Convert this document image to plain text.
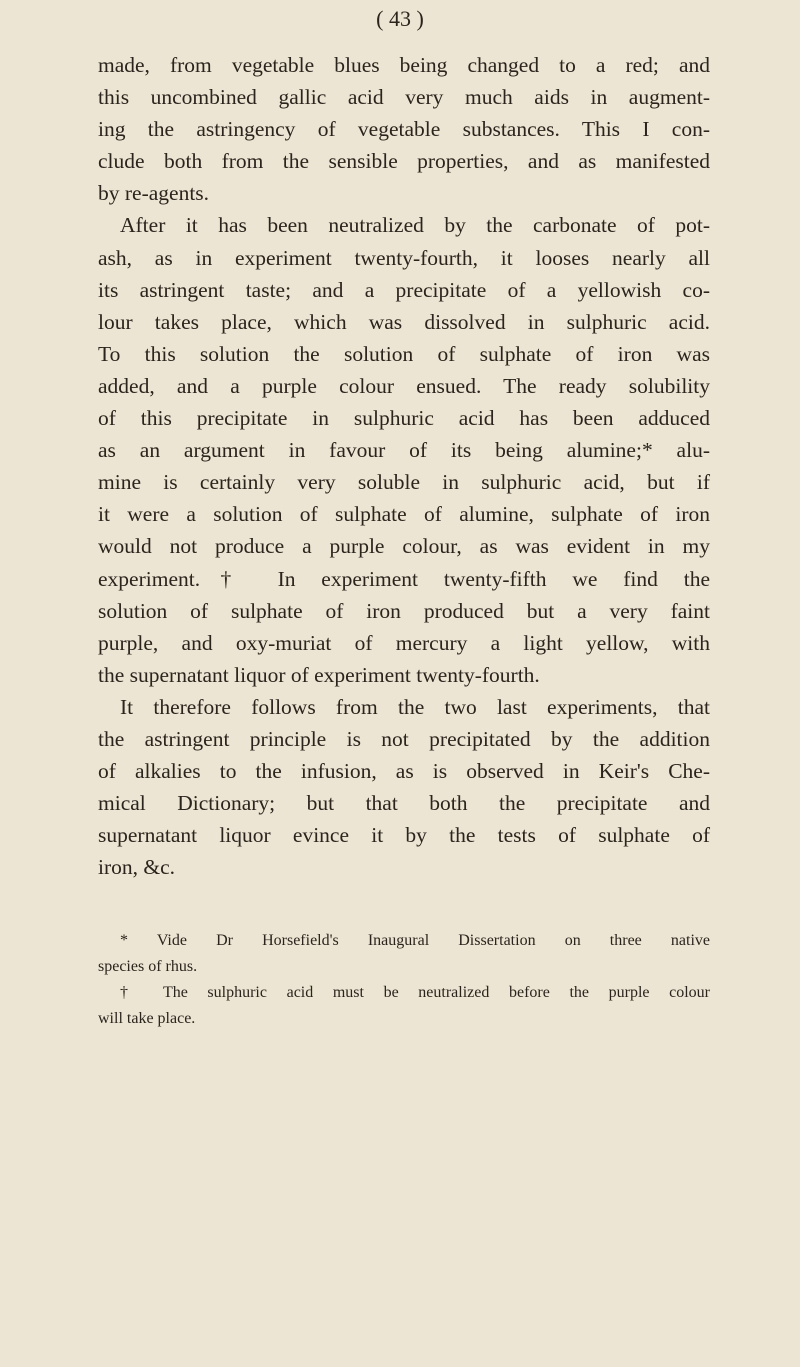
( 43 )
made, from vegetable blues being changed to a red; and
this uncombined gallic acid very much aids in augment-
ing the astringency of vegetable substances. This I con-
clude both from the sensible properties, and as manifested
by re-agents.
After it has been neutralized by the carbonate of pot-
ash, as in experiment twenty-fourth, it looses nearly all
its astringent taste; and a precipitate of a yellowish co-
lour takes place, which was dissolved in sulphuric acid.
To this solution the solution of sulphate of iron was
added, and a purple colour ensued. The ready solubility
of this precipitate in sulphuric acid has been adduced
as an argument in favour of its being alumine;* alu-
mine is certainly very soluble in sulphuric acid, but if
it were a solution of sulphate of alumine, sulphate of iron
would not produce a purple colour, as was evident in my
experiment.† In experiment twenty-fifth we find the
solution of sulphate of iron produced but a very faint
purple, and oxy-muriat of mercury a light yellow, with
the supernatant liquor of experiment twenty-fourth.
It therefore follows from the two last experiments, that
the astringent principle is not precipitated by the addition
of alkalies to the infusion, as is observed in Keir's Che-
mical Dictionary; but that both the precipitate and
supernatant liquor evince it by the tests of sulphate of
iron, &c.
* Vide Dr Horsefield's Inaugural Dissertation on three native
species of rhus.
† The sulphuric acid must be neutralized before the purple colour
will take place.
